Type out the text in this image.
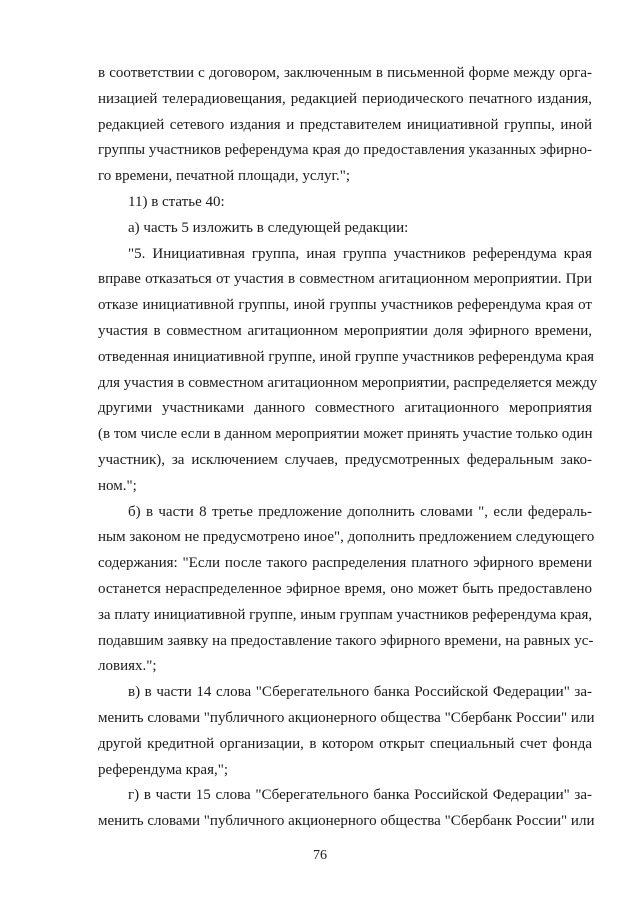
в соответствии с договором, заключенным в письменной форме между орга-
низацией телерадиовещания, редакцией периодического печатного издания,
редакцией сетевого издания и представителем инициативной группы, иной
группы участников референдума края до предоставления указанных эфирно-
го времени, печатной площади, услуг.";
11) в статье 40:
а) часть 5 изложить в следующей редакции:
"5. Инициативная группа, иная группа участников референдума края
вправе отказаться от участия в совместном агитационном мероприятии. При
отказе инициативной группы, иной группы участников референдума края от
участия в совместном агитационном мероприятии доля эфирного времени,
отведенная инициативной группе, иной группе участников референдума края
для участия в совместном агитационном мероприятии, распределяется между
другими участниками данного совместного агитационного мероприятия
(в том числе если в данном мероприятии может принять участие только один
участник), за исключением случаев, предусмотренных федеральным зако-
ном.";
б) в части 8 третье предложение дополнить словами ", если федераль-
ным законом не предусмотрено иное", дополнить предложением следующего
содержания: "Если после такого распределения платного эфирного времени
останется нераспределенное эфирное время, оно может быть предоставлено
за плату инициативной группе, иным группам участников референдума края,
подавшим заявку на предоставление такого эфирного времени, на равных ус-
ловиях.";
в) в части 14 слова "Сберегательного банка Российской Федерации" за-
менить словами "публичного акционерного общества "Сбербанк России" или
другой кредитной организации, в котором открыт специальный счет фонда
референдума края,";
г) в части 15 слова "Сберегательного банка Российской Федерации" за-
менить словами "публичного акционерного общества "Сбербанк России" или
76
